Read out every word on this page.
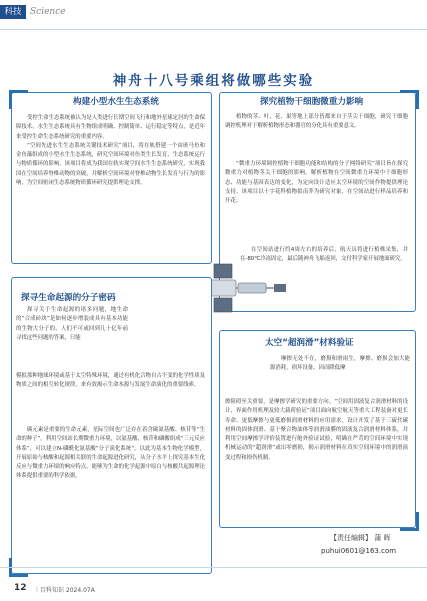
科技 Science
神舟十八号乘组将做哪些实验
构建小型水生生态系统

受控生命生态系统被认为是人类进行长期空间飞行和地外星球定居的生命保障技术。水生生态系统具有生物组成明确、控制简单、运行稳定等特点，是近年来受控生命生态系统研究的重要内容。

“空间先进水生生态系统关键技术研究”项目，将在轨搭建一个由斑马鱼和金鱼藻组成的小型水生生态系统，研究空间环境对鱼类生长发育、生态系统运行与物质循环的影响。该项目将成为我国在轨实现空间水生生态系统研究，实现我国在空间培养脊椎动物的突破，并解析空间环境对脊椎动物生长发育与行为的影响，为空间密闭生态系统物质循环研究提供理论支撑。

探究植物干细胞微重力影响

植物的茎、叶、花、果等地上部分皆都来自于茎尖干细胞，研究干细胞调控机理对于解析植物形态和器官的分化具有重要意义。

“微重力环境调控植物干细胞功能和结构的分子网络研究”项目旨在探究微重力对植物茎尖干细胞的影响。解析植物在空间微重力环境中干细胞形态、功能与基因表达的变化，为定向设计适应太空环境的空间作物提供理论支持。该项目以十字花科植物拟南芥为研究对象，在空间站进行样品培养和开花；

在空间站进行约4周左右的培养后，航天员将进行植株采集，并在-80℃冷冻固定，最后随神舟飞船返回，交付科学家开展地面研究。

探寻生命起源的分子密码

探寻关于生命起源的诸多问题，地生命的“合成砖块”是如何逐步增装成具有基本功能的生物大分子的，人们不可或回到几十亿年前寻找这些问题的答案，只能

模拟那种地球环境或基于太空特殊环境，通过有机化合物自古不变的化学性质及物质之间的相互转化规律，来有效揭示生命本源与发展生命演化的重要线索。

碳元素是重要的生命元素，星际空间也广泛存在着含碳氮基酸、核苷等“生命的种子”。利用空间站长期微重力环境，以氨基酸、核苷和磷酸组成“三元反应体系”，可以建立N-磷酰化氨基酸“分子演化系统”，以此为基本生物化学模型，开展原始与核酸和起源相关联的生命起源进化研究，从分子水平上探究基本生化反应与微重力环境的响应特点，能够为生命的化学起源中原白与核酸共起源理论体系提供重要的科学依据。

太空“超润滑”材料验证

摩擦无处不在，磨损和滑雨生，摩擦、磨损会加大能源消耗，损坏设备，因而降低摩

擦阻碍至关重要，是摩擦学研究的重要方向。“空间用固液复合润滑材料的设计、界面作用机理及较大载荷验证”项目面向航空航天等重大工程装备对更长寿命、更低摩擦与更低磨损润滑材料的应用需求，设计开发了基于三硫代碳材料的固体润滑、基于聚合物油体等润滑油膜的固液复合润滑材料体系，并利用空间摩擦学评价装置进行舱外验证试验，明确在严苛的空间环境中实现机械运动的“超润滑”或出零磨损，揭示润滑材料在真实空间环境中的润滑演变过程和损伤机制。

【责任编辑】 蒲 晖
puhui0601@163.com
12 ｜百科知识 2024.07A
